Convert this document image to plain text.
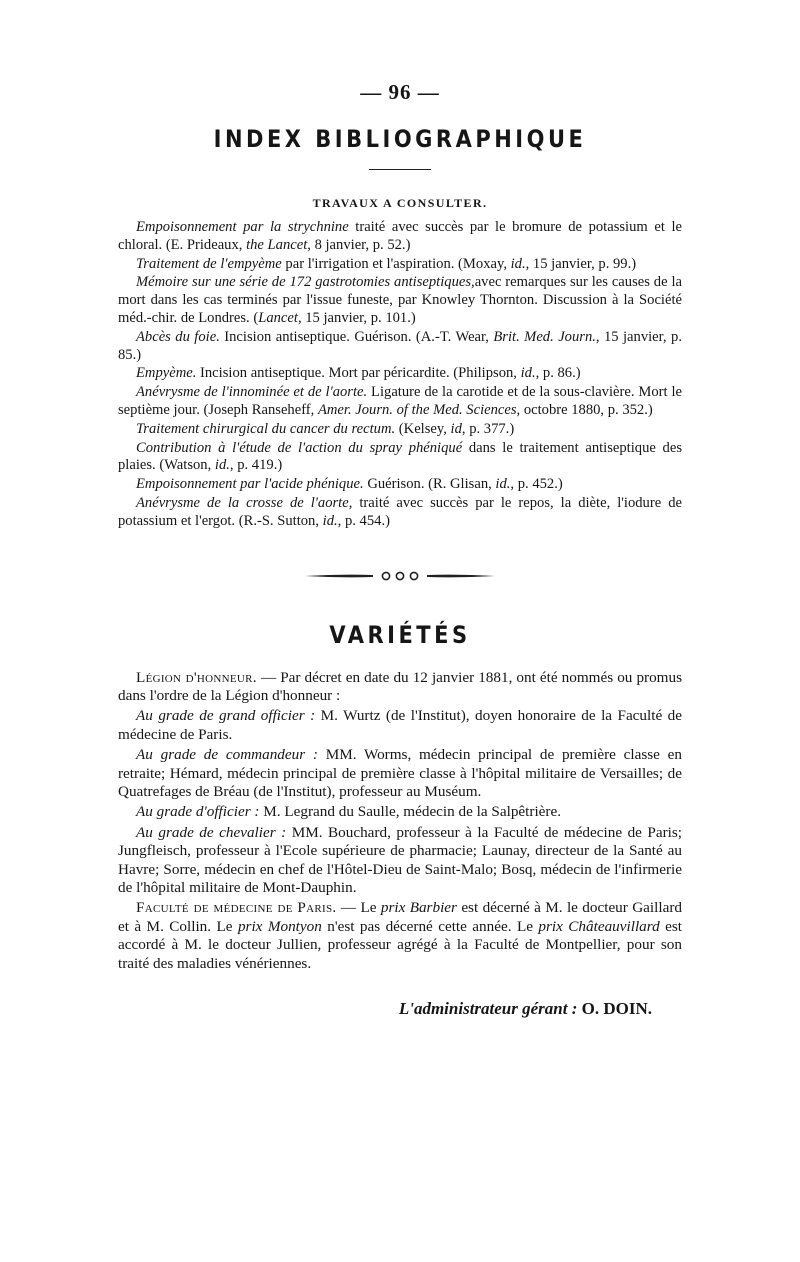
— 96 —
INDEX BIBLIOGRAPHIQUE
TRAVAUX A CONSULTER.

Empoisonnement par la strychnine traité avec succès par le bromure de potassium et le chloral. (E. Prideaux, the Lancet, 8 janvier, p. 52.)

Traitement de l'empyème par l'irrigation et l'aspiration. (Moxay, id., 15 janvier, p. 99.)

Mémoire sur une série de 172 gastrotomies antiseptiques,avec remarques sur les causes de la mort dans les cas terminés par l'issue funeste, par Knowley Thornton. Discussion à la Société méd.-chir. de Londres. (Lancet, 15 janvier, p. 101.)

Abcès du foie. Incision antiseptique. Guérison. (A.-T. Wear, Brit. Med. Journ., 15 janvier, p. 85.)

Empyème. Incision antiseptique. Mort par péricardite. (Philipson, id., p. 86.)

Anévrysme de l'innominée et de l'aorte. Ligature de la carotide et de la sous-clavière. Mort le septième jour. (Joseph Ranseheff, Amer. Journ. of the Med. Sciences, octobre 1880, p. 352.)

Traitement chirurgical du cancer du rectum. (Kelsey, id, p. 377.)

Contribution à l'étude de l'action du spray phéniqué dans le traitement antiseptique des plaies. (Watson, id., p. 419.)

Empoisonnement par l'acide phénique. Guérison. (R. Glisan, id., p. 452.)

Anévrysme de la crosse de l'aorte, traité avec succès par le repos, la diète, l'iodure de potassium et l'ergot. (R.-S. Sutton, id., p. 454.)

VARIÉTÉS

Légion d'honneur. — Par décret en date du 12 janvier 1881, ont été nommés ou promus dans l'ordre de la Légion d'honneur :

Au grade de grand officier : M. Wurtz (de l'Institut), doyen honoraire de la Faculté de médecine de Paris.

Au grade de commandeur : MM. Worms, médecin principal de première classe en retraite; Hémard, médecin principal de première classe à l'hôpital militaire de Versailles; de Quatrefages de Bréau (de l'Institut), professeur au Muséum.

Au grade d'officier : M. Legrand du Saulle, médecin de la Salpêtrière.

Au grade de chevalier : MM. Bouchard, professeur à la Faculté de médecine de Paris; Jungfleisch, professeur à l'Ecole supérieure de pharmacie; Launay, directeur de la Santé au Havre; Sorre, médecin en chef de l'Hôtel-Dieu de Saint-Malo; Bosq, médecin de l'infirmerie de l'hôpital militaire de Mont-Dauphin.

Faculté de médecine de Paris. — Le prix Barbier est décerné à M. le docteur Gaillard et à M. Collin. Le prix Montyon n'est pas décerné cette année. Le prix Châteauvillard est accordé à M. le docteur Jullien, professeur agrégé à la Faculté de Montpellier, pour son traité des maladies vénériennes.

L'administrateur gérant : O. DOIN.
